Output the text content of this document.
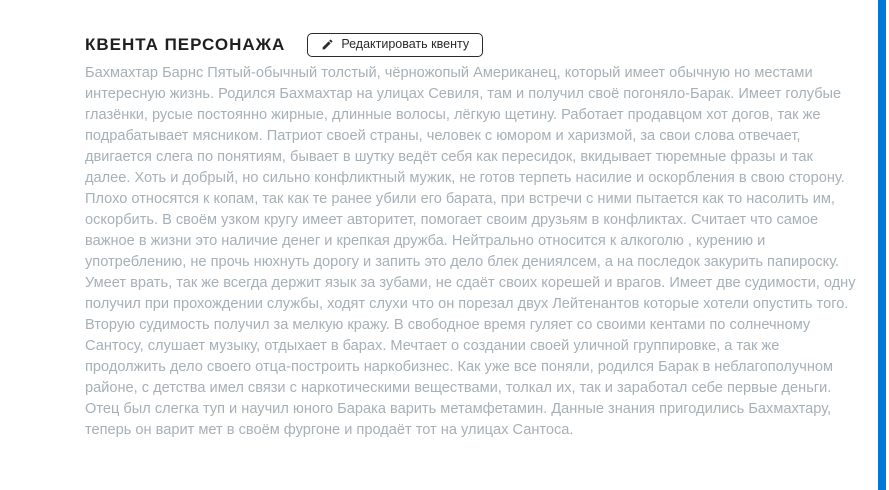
КВЕНТА ПЕРСОНАЖА	Редактировать квенту

Бахмахтар Барнс Пятый-обычный толстый, чёрножопый Американец, который имеет обычную но местами интересную жизнь. Родился Бахмахтар на улицах Севиля, там и получил своё погоняло-Барак. Имеет голубые глазёнки, русые постоянно жирные, длинные волосы, лёгкую щетину. Работает продавцом хот догов, так же подрабатывает мясником. Патриот своей страны, человек с юмором и харизмой, за свои слова отвечает, двигается слега по понятиям, бывает в шутку ведёт себя как пересидок, вкидывает тюремные фразы и так далее. Хоть и добрый, но сильно конфликтный мужик, не готов терпеть насилие и оскорбления в свою сторону. Плохо относятся к копам, так как те ранее убили его барата, при встречи с ними пытается как то насолить им, оскорбить. В своём узком кругу имеет авторитет, помогает своим друзьям в конфликтах. Считает что самое важное в жизни это наличие денег и крепкая дружба. Нейтрально относится к алкоголю , курению и употреблению, не прочь нюхнуть дорогу и запить это дело блек дениялсем, а на последок закурить папироску. Умеет врать, так же всегда держит язык за зубами, не сдаёт своих корешей и врагов. Имеет две судимости, одну получил при прохождении службы, ходят слухи что он порезал двух Лейтенантов которые хотели опустить того. Вторую судимость получил за мелкую кражу. В свободное время гуляет со своими кентами по солнечному Сантосу, слушает музыку, отдыхает в барах. Мечтает о создании своей уличной группировке, а так же продолжить дело своего отца-построить наркобизнес. Как уже все поняли, родился Барак в неблагополучном районе, с детства имел связи с наркотическими веществами, толкал их, так и заработал себе первые деньги. Отец был слегка туп и научил юного Барака варить метамфетамин. Данные знания пригодились Бахмахтару, теперь он варит мет в своём фургоне и продаёт тот на улицах Сантоса.
